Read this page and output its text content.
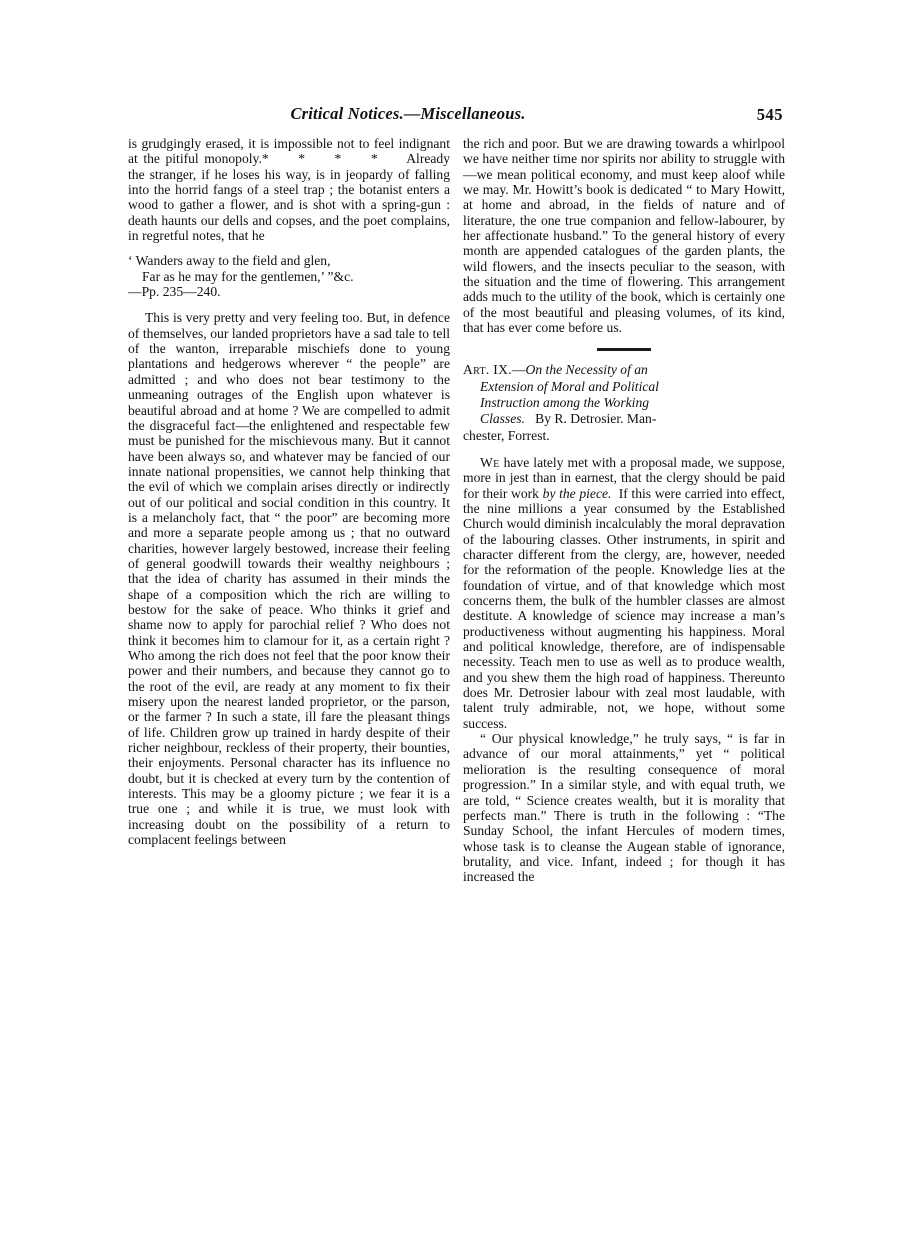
Critical Notices.—Miscellaneous.	545

is grudgingly erased, it is impossible not to feel indignant at the pitiful monopoly.* * * * Already the stranger, if he loses his way, is in jeopardy of falling into the horrid fangs of a steel trap ; the botanist enters a wood to gather a flower, and is shot with a spring-gun : death haunts our dells and copses, and the poet complains, in regretful notes, that he

‘ Wanders away to the field and glen,
Far as he may for the gentlemen,’ ”&c.
—Pp. 235—240.

This is very pretty and very feeling too. But, in defence of themselves, our landed proprietors have a sad tale to tell of the wanton, irreparable mischiefs done to young plantations and hedgerows wherever “ the people” are admitted ; and who does not bear testimony to the unmeaning outrages of the English upon whatever is beautiful abroad and at home ? We are compelled to admit the disgraceful fact—the enlightened and respectable few must be punished for the mischievous many. But it cannot have been always so, and whatever may be fancied of our innate national propensities, we cannot help thinking that the evil of which we complain arises directly or indirectly out of our political and social condition in this country. It is a melancholy fact, that “ the poor” are becoming more and more a separate people among us ; that no outward charities, however largely bestowed, increase their feeling of general goodwill towards their wealthy neighbours ; that the idea of charity has assumed in their minds the shape of a composition which the rich are willing to bestow for the sake of peace. Who thinks it grief and shame now to apply for parochial relief ? Who does not think it becomes him to clamour for it, as a certain right ? Who among the rich does not feel that the poor know their power and their numbers, and because they cannot go to the root of the evil, are ready at any moment to fix their misery upon the nearest landed proprietor, or the parson, or the farmer ? In such a state, ill fare the pleasant things of life. Children grow up trained in hardy despite of their richer neighbour, reckless of their property, their bounties, their enjoyments. Personal character has its influence no doubt, but it is checked at every turn by the contention of interests. This may be a gloomy picture ; we fear it is a true one ; and while it is true, we must look with increasing doubt on the possibility of a return to complacent feelings between

the rich and poor. But we are drawing towards a whirlpool we have neither time nor spirits nor ability to struggle with—we mean political economy, and must keep aloof while we may. Mr. Howitt’s book is dedicated “ to Mary Howitt, at home and abroad, in the fields of nature and of literature, the one true companion and fellow-labourer, by her affectionate husband.” To the general history of every month are appended catalogues of the garden plants, the wild flowers, and the insects peculiar to the season, with the situation and the time of flowering. This arrangement adds much to the utility of the book, which is certainly one of the most beautiful and pleasing volumes, of its kind, that has ever come before us.

Art. IX.—On the Necessity of an
Extension of Moral and Political
Instruction among the Working
Classes. By R. Detrosier. Man-
chester, Forrest.

We have lately met with a proposal made, we suppose, more in jest than in earnest, that the clergy should be paid for their work by the piece. If this were carried into effect, the nine millions a year consumed by the Established Church would diminish incalculably the moral depravation of the labouring classes. Other instruments, in spirit and character different from the clergy, are, however, needed for the reformation of the people. Knowledge lies at the foundation of virtue, and of that knowledge which most concerns them, the bulk of the humbler classes are almost destitute. A knowledge of science may increase a man’s productiveness without augmenting his happiness. Moral and political knowledge, therefore, are of indispensable necessity. Teach men to use as well as to produce wealth, and you shew them the high road of happiness. Thereunto does Mr. Detrosier labour with zeal most laudable, with talent truly admirable, not, we hope, without some success.

“ Our physical knowledge,” he truly says, “ is far in advance of our moral attainments,” yet “ political melioration is the resulting consequence of moral progression.” In a similar style, and with equal truth, we are told, “ Science creates wealth, but it is morality that perfects man.” There is truth in the following : “The Sunday School, the infant Hercules of modern times, whose task is to cleanse the Augean stable of ignorance, brutality, and vice. Infant, indeed ; for though it has increased the
